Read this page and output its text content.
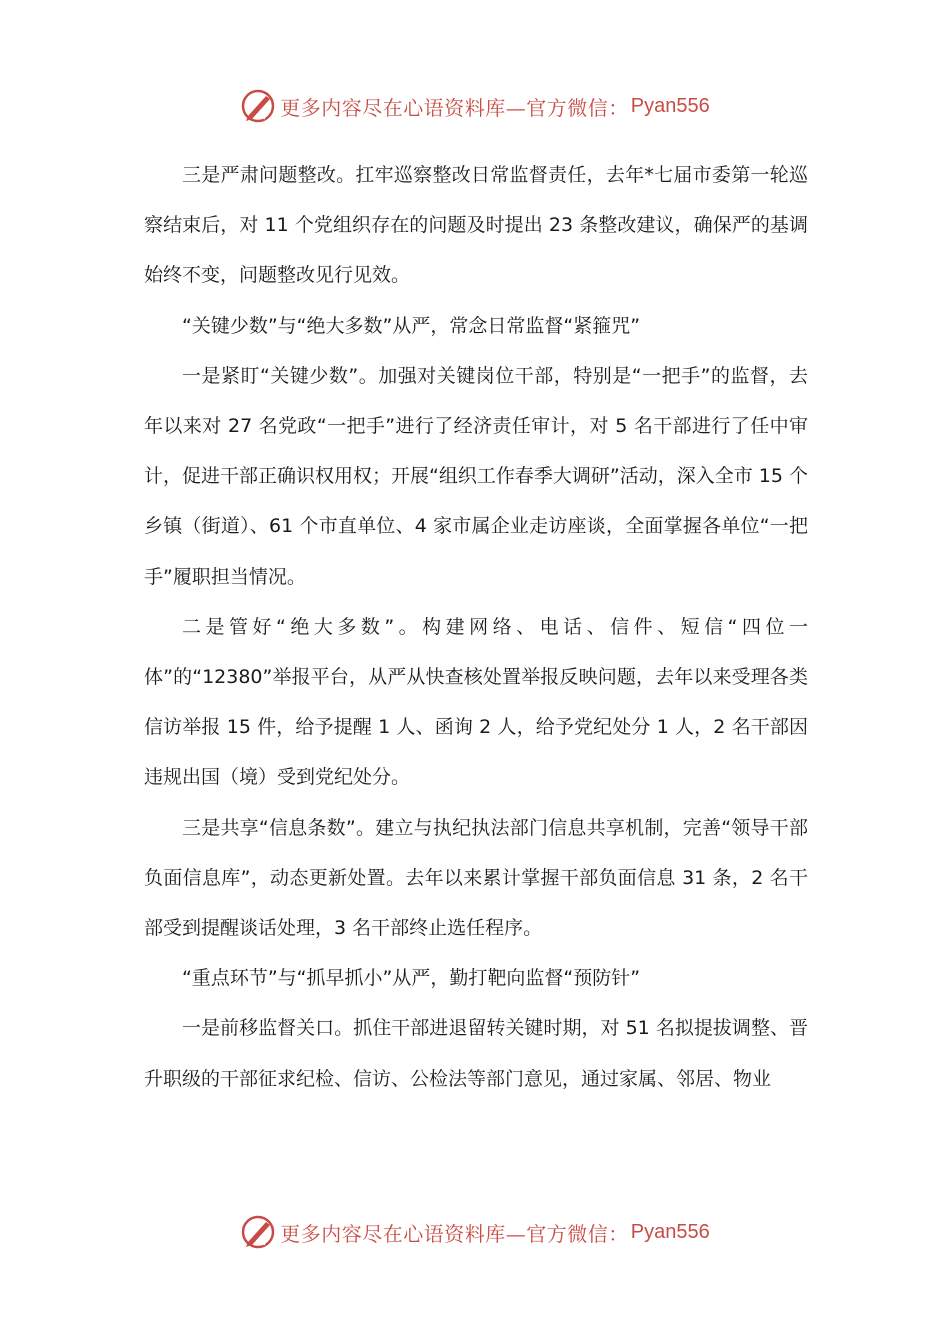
更多内容尽在心语资料库—官方微信： Pyan556

三是严肃问题整改。扛牢巡察整改日常监督责任，去年*七届市委第一轮巡察结束后，对 11 个党组织存在的问题及时提出 23 条整改建议，确保严的基调始终不变，问题整改见行见效。

“关键少数”与“绝大多数”从严，常念日常监督“紧箍咒”

一是紧盯“关键少数”。加强对关键岗位干部，特别是“一把手”的监督，去年以来对 27 名党政“一把手”进行了经济责任审计，对 5 名干部进行了任中审计，促进干部正确识权用权；开展“组织工作春季大调研”活动，深入全市 15 个乡镇（街道）、61 个市直单位、4 家市属企业走访座谈，全面掌握各单位“一把手”履职担当情况。

二是管好“绝大多数”。构建网络、电话、信件、短信“四位一体”的“12380”举报平台，从严从快查核处置举报反映问题，去年以来受理各类信访举报 15 件，给予提醒 1 人、函询 2 人，给予党纪处分 1 人，2 名干部因违规出国（境）受到党纪处分。

三是共享“信息条数”。建立与执纪执法部门信息共享机制，完善“领导干部负面信息库”，动态更新处置。去年以来累计掌握干部负面信息 31 条，2 名干部受到提醒谈话处理，3 名干部终止选任程序。

“重点环节”与“抓早抓小”从严，勤打靶向监督“预防针”

一是前移监督关口。抓住干部进退留转关键时期，对 51 名拟提拔调整、晋升职级的干部征求纪检、信访、公检法等部门意见，通过家属、邻居、物业

更多内容尽在心语资料库—官方微信： Pyan556
